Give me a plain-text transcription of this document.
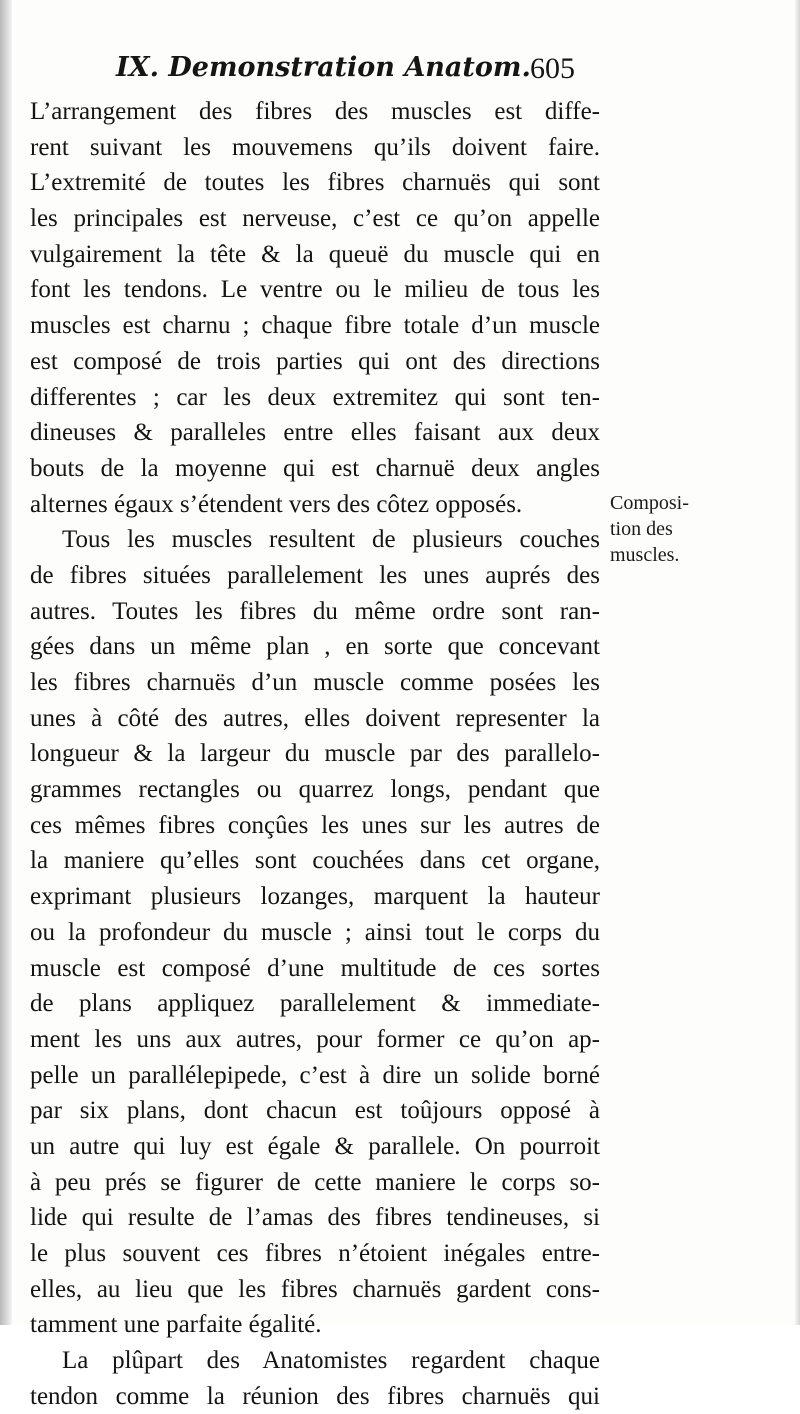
IX. Demonstration Anatom. 605
L’arrangement des fibres des muscles est diffe-
rent suivant les mouvemens qu’ils doivent faire.
L’extremité de toutes les fibres charnuës qui sont
les principales est nerveuse, c’est ce qu’on appelle
vulgairement la tête & la queuë du muscle qui en
font les tendons. Le ventre ou le milieu de tous les
muscles est charnu ; chaque fibre totale d’un muscle
est composé de trois parties qui ont des directions
differentes ; car les deux extremitez qui sont ten-
dineuses & paralleles entre elles faisant aux deux
bouts de la moyenne qui est charnuë deux angles
alternes égaux s’étendent vers des côtez opposés.
Tous les muscles resultent de plusieurs couches
de fibres situées parallelement les unes auprés des
autres. Toutes les fibres du même ordre sont ran-
gées dans un même plan , en sorte que concevant
les fibres charnuës d’un muscle comme posées les
unes à côté des autres, elles doivent representer la
longueur & la largeur du muscle par des parallelo-
grammes rectangles ou quarrez longs, pendant que
ces mêmes fibres conçûes les unes sur les autres de
la maniere qu’elles sont couchées dans cet organe,
exprimant plusieurs lozanges, marquent la hauteur
ou la profondeur du muscle ; ainsi tout le corps du
muscle est composé d’une multitude de ces sortes
de plans appliquez parallelement & immediate-
ment les uns aux autres, pour former ce qu’on ap-
pelle un parallélepipede, c’est à dire un solide borné
par six plans, dont chacun est toûjours opposé à
un autre qui luy est égale & parallele. On pourroit
à peu prés se figurer de cette maniere le corps so-
lide qui resulte de l’amas des fibres tendineuses, si
le plus souvent ces fibres n’étoient inégales entre-
elles, au lieu que les fibres charnuës gardent cons-
tamment une parfaite égalité.
La plûpart des Anatomistes regardent chaque
tendon comme la réunion des fibres charnuës qui
Composi-
tion des
muscles.
